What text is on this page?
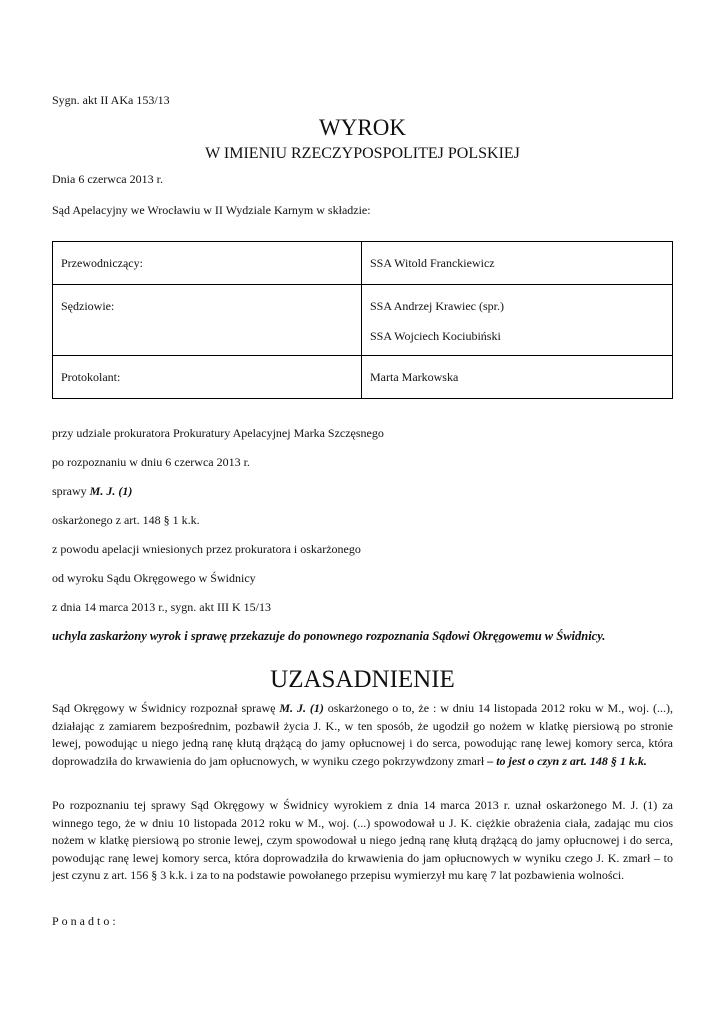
Sygn. akt II AKa 153/13
WYROK
W IMIENIU RZECZYPOSPOLITEJ POLSKIEJ
Dnia 6 czerwca 2013 r.
Sąd Apelacyjny we Wrocławiu w II Wydziale Karnym w składzie:
Przewodniczący:	SSA Witold Franckiewicz

Sędziowie:	SSA Andrzej Krawiec (spr.)
SSA Wojciech Kociubiński

Protokolant:	Marta Markowska
przy udziale prokuratora Prokuratury Apelacyjnej Marka Szczęsnego
po rozpoznaniu w dniu 6 czerwca 2013 r.
sprawy M. J. (1)
oskarżonego z art. 148 § 1 k.k.
z powodu apelacji wniesionych przez prokuratora i oskarżonego
od wyroku Sądu Okręgowego w Świdnicy
z dnia 14 marca 2013 r., sygn. akt III K 15/13

uchyla zaskarżony wyrok i sprawę przekazuje do ponownego rozpoznania Sądowi Okręgowemu w Świdnicy.

UZASADNIENIE

Sąd Okręgowy w Świdnicy rozpoznał sprawę M. J. (1) oskarżonego o to, że : w dniu 14 listopada 2012 roku w M., woj. (...), działając z zamiarem bezpośrednim, pozbawił życia J. K., w ten sposób, że ugodził go nożem w klatkę piersiową po stronie lewej, powodując u niego jedną ranę kłutą drążącą do jamy opłucnowej i do serca, powodując ranę lewej komory serca, która doprowadziła do krwawienia do jam opłucnowych, w wyniku czego pokrzywdzony zmarł – to jest o czyn z art. 148 § 1 k.k.

Po rozpoznaniu tej sprawy Sąd Okręgowy w Świdnicy wyrokiem z dnia 14 marca 2013 r. uznał oskarżonego M. J. (1) za winnego tego, że w dniu 10 listopada 2012 roku w M., woj. (...) spowodował u J. K. ciężkie obrażenia ciała, zadając mu cios nożem w klatkę piersiową po stronie lewej, czym spowodował u niego jedną ranę kłutą drążącą do jamy opłucnowej i do serca, powodując ranę lewej komory serca, która doprowadziła do krwawienia do jam opłucnowych w wyniku czego J. K. zmarł – to jest czynu z art. 156 § 3 k.k. i za to na podstawie powołanego przepisu wymierzył mu karę 7 lat pozbawienia wolności.

Ponadto:
